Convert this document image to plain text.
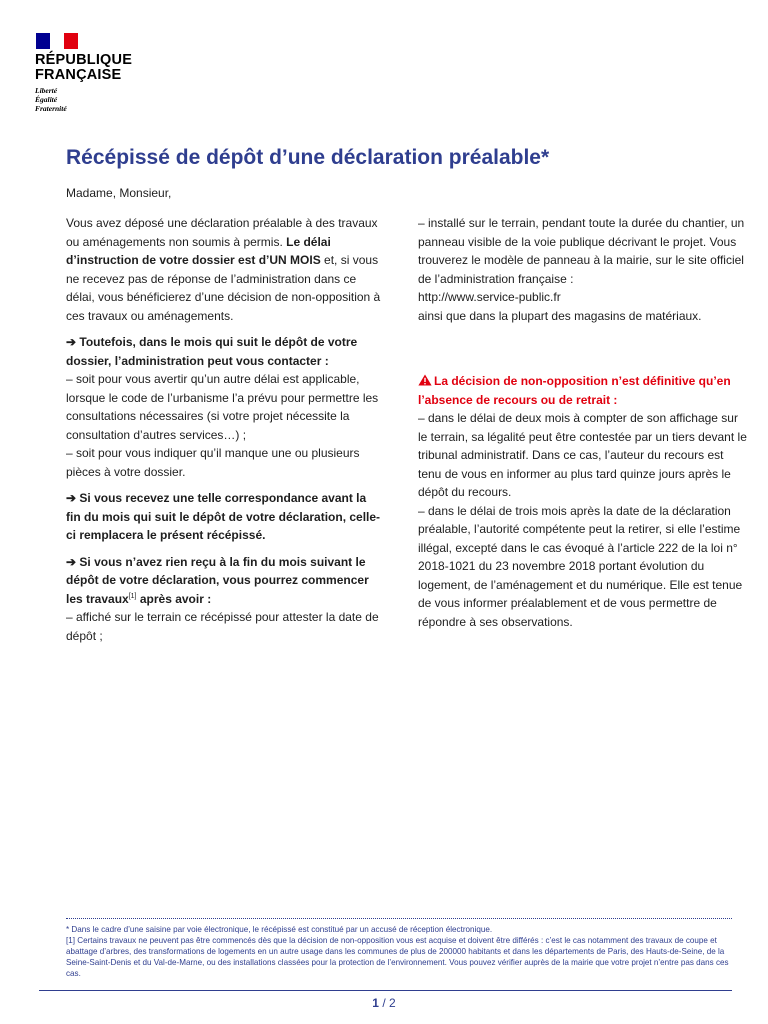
RÉPUBLIQUE
FRANÇAISE
Liberté
Égalité
Fraternité
Récépissé de dépôt d’une déclaration préalable*

Madame, Monsieur,

Vous avez déposé une déclaration préalable à des travaux ou aménagements non soumis à permis. Le délai d’instruction de votre dossier est d’UN MOIS et, si vous ne recevez pas de réponse de l’administration dans ce délai, vous bénéficierez d’une décision de non-opposition à ces travaux ou aménagements.

➔ Toutefois, dans le mois qui suit le dépôt de votre dossier, l’administration peut vous contacter :
– soit pour vous avertir qu’un autre délai est applicable, lorsque le code de l’urbanisme l’a prévu pour permettre les consultations nécessaires (si votre projet nécessite la consultation d’autres services…) ;
– soit pour vous indiquer qu’il manque une ou plusieurs pièces à votre dossier.

➔ Si vous recevez une telle correspondance avant la fin du mois qui suit le dépôt de votre déclaration, celle-ci remplacera le présent récépissé.

➔ Si vous n’avez rien reçu à la fin du mois suivant le dépôt de votre déclaration, vous pourrez commencer les travaux[1] après avoir :
– affiché sur le terrain ce récépissé pour attester la date de dépôt ;

– installé sur le terrain, pendant toute la durée du chantier, un panneau visible de la voie publique décrivant le projet. Vous trouverez le modèle de panneau à la mairie, sur le site officiel de l’administration française :
http://www.service-public.fr
ainsi que dans la plupart des magasins de matériaux.

La décision de non-opposition n’est définitive qu’en l’absence de recours ou de retrait :
– dans le délai de deux mois à compter de son affichage sur le terrain, sa légalité peut être contestée par un tiers devant le tribunal administratif. Dans ce cas, l’auteur du recours est tenu de vous en informer au plus tard quinze jours après le dépôt du recours.
– dans le délai de trois mois après la date de la déclaration préalable, l’autorité compétente peut la retirer, si elle l’estime illégal, excepté dans le cas évoqué à l’article 222 de la loi n° 2018-1021 du 23 novembre 2018 portant évolution du logement, de l’aménagement et du numérique. Elle est tenue de vous informer préalablement et de vous permettre de répondre à ses observations.

* Dans le cadre d’une saisine par voie électronique, le récépissé est constitué par un accusé de réception électronique.

[1] Certains travaux ne peuvent pas être commencés dès que la décision de non-opposition vous est acquise et doivent être différés : c’est le cas notamment des travaux de coupe et abattage d’arbres, des transformations de logements en un autre usage dans les communes de plus de 200000 habitants et dans les départements de Paris, des Hauts-de-Seine, de la Seine-Saint-Denis et du Val-de-Marne, ou des installations classées pour la protection de l’environnement. Vous pouvez vérifier auprès de la mairie que votre projet n’entre pas dans ces cas.

1 / 2
